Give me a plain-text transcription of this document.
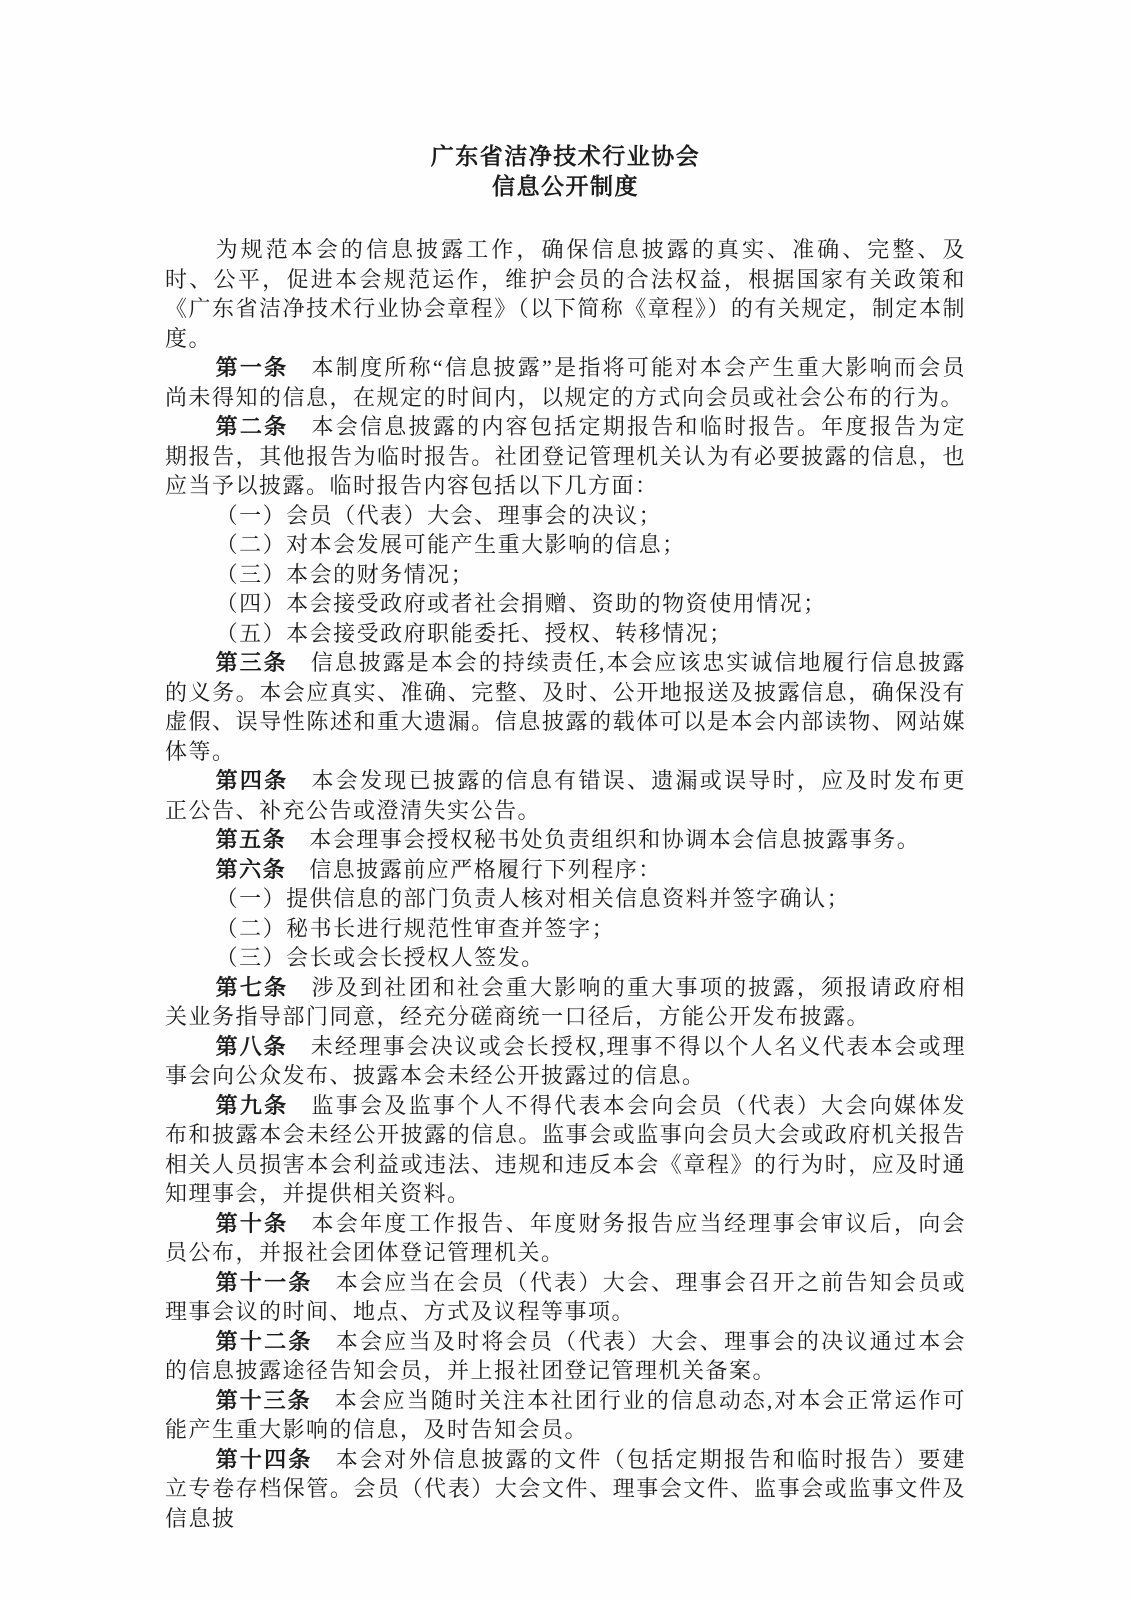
广东省洁净技术行业协会
信息公开制度

为规范本会的信息披露工作，确保信息披露的真实、准确、完整、及时、公平，促进本会规范运作，维护会员的合法权益，根据国家有关政策和《广东省洁净技术行业协会章程》（以下简称《章程》）的有关规定，制定本制度。

第一条 本制度所称“信息披露”是指将可能对本会产生重大影响而会员尚未得知的信息，在规定的时间内，以规定的方式向会员或社会公布的行为。

第二条 本会信息披露的内容包括定期报告和临时报告。年度报告为定期报告，其他报告为临时报告。社团登记管理机关认为有必要披露的信息，也应当予以披露。临时报告内容包括以下几方面：

（一）会员（代表）大会、理事会的决议；

（二）对本会发展可能产生重大影响的信息；

（三）本会的财务情况；

（四）本会接受政府或者社会捐赠、资助的物资使用情况；

（五）本会接受政府职能委托、授权、转移情况；

第三条 信息披露是本会的持续责任,本会应该忠实诚信地履行信息披露的义务。本会应真实、准确、完整、及时、公开地报送及披露信息，确保没有虚假、误导性陈述和重大遗漏。信息披露的载体可以是本会内部读物、网站媒体等。

第四条 本会发现已披露的信息有错误、遗漏或误导时，应及时发布更正公告、补充公告或澄清失实公告。

第五条 本会理事会授权秘书处负责组织和协调本会信息披露事务。

第六条 信息披露前应严格履行下列程序：

（一）提供信息的部门负责人核对相关信息资料并签字确认；

（二）秘书长进行规范性审查并签字；

（三）会长或会长授权人签发。

第七条 涉及到社团和社会重大影响的重大事项的披露，须报请政府相关业务指导部门同意，经充分磋商统一口径后，方能公开发布披露。

第八条 未经理事会决议或会长授权,理事不得以个人名义代表本会或理事会向公众发布、披露本会未经公开披露过的信息。

第九条 监事会及监事个人不得代表本会向会员（代表）大会向媒体发布和披露本会未经公开披露的信息。监事会或监事向会员大会或政府机关报告相关人员损害本会利益或违法、违规和违反本会《章程》的行为时，应及时通知理事会，并提供相关资料。

第十条 本会年度工作报告、年度财务报告应当经理事会审议后，向会员公布，并报社会团体登记管理机关。

第十一条 本会应当在会员（代表）大会、理事会召开之前告知会员或理事会议的时间、地点、方式及议程等事项。

第十二条 本会应当及时将会员（代表）大会、理事会的决议通过本会的信息披露途径告知会员，并上报社团登记管理机关备案。

第十三条 本会应当随时关注本社团行业的信息动态,对本会正常运作可能产生重大影响的信息，及时告知会员。

第十四条 本会对外信息披露的文件（包括定期报告和临时报告）要建立专卷存档保管。会员（代表）大会文件、理事会文件、监事会或监事文件及信息披
